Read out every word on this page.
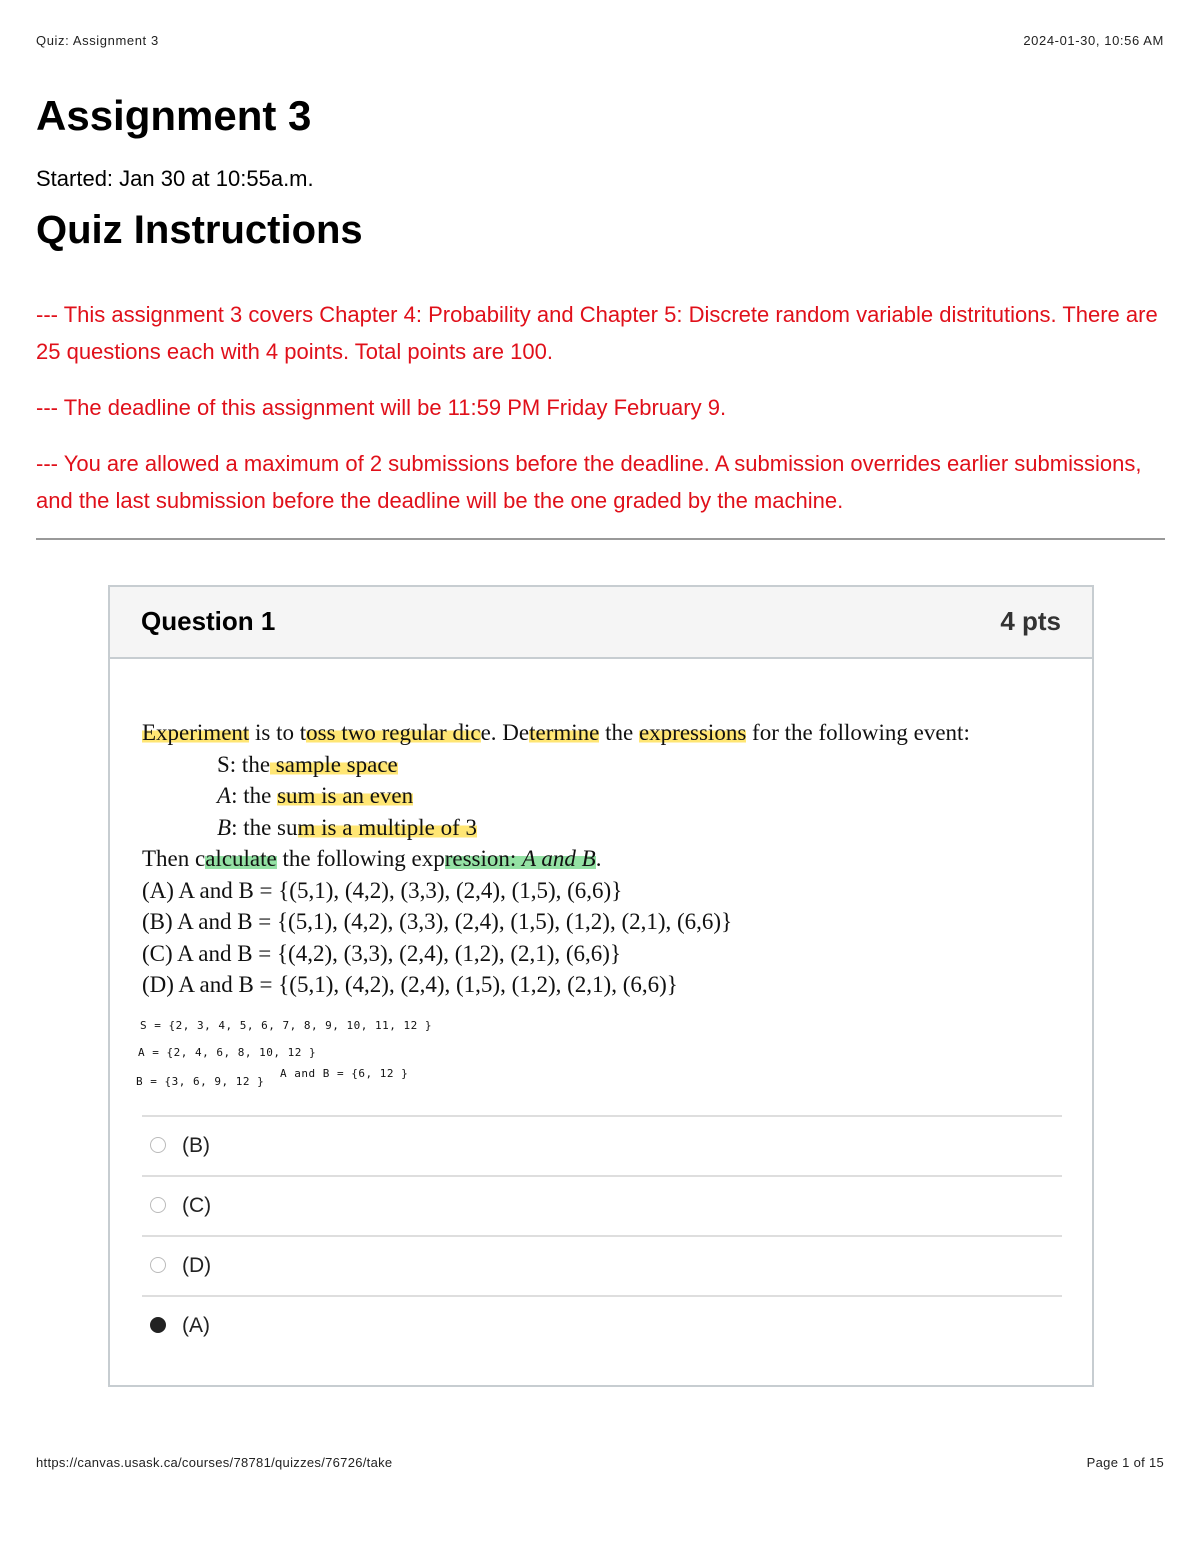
Quiz: Assignment 3	2024-01-30, 10:56 AM
Assignment 3
Started: Jan 30 at 10:55a.m.
Quiz Instructions

--- This assignment 3 covers Chapter 4: Probability and Chapter 5: Discrete random variable distritutions. There are 25 questions each with 4 points. Total points are 100.

--- The deadline of this assignment will be 11:59 PM Friday February 9.

--- You are allowed a maximum of 2 submissions before the deadline. A submission overrides earlier submissions, and the last submission before the deadline will be the one graded by the machine.

Question 1	4 pts
Experiment is to toss two regular dice. Determine the expressions for the following event:
S: the sample space
A: the sum is an even
B: the sum is a multiple of 3
Then calculate the following expression: A and B.
(A) A and B = {(5,1), (4,2), (3,3), (2,4), (1,5), (6,6)}
(B) A and B = {(5,1), (4,2), (3,3), (2,4), (1,5), (1,2), (2,1), (6,6)}
(C) A and B = {(4,2), (3,3), (2,4), (1,2), (2,1), (6,6)}
(D) A and B = {(5,1), (4,2), (2,4), (1,5), (1,2), (2,1), (6,6)}
S = {2, 3, 4, 5, 6, 7, 8, 9, 10, 11, 12 }
A = {2, 4, 6, 8, 10, 12 }
B = {3, 6, 9, 12 }
A and B = {6, 12 }
(B)
(C)
(D)
(A)
https://canvas.usask.ca/courses/78781/quizzes/76726/take	Page 1 of 15
